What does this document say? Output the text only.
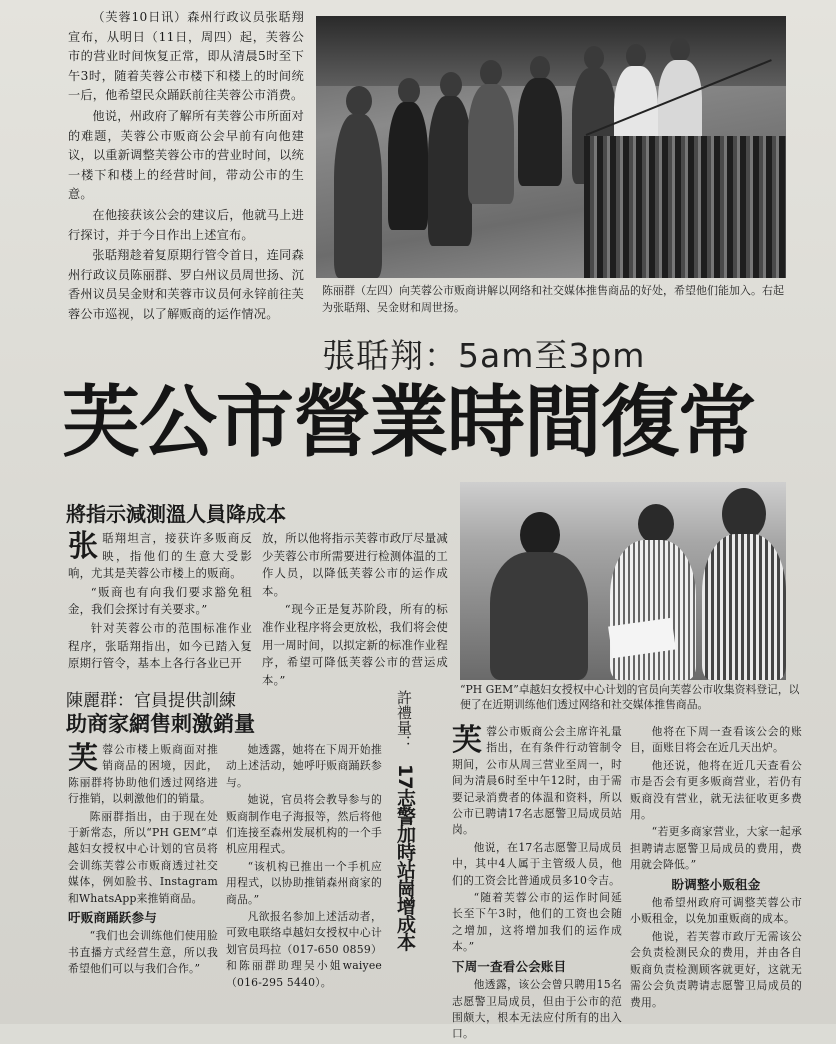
（芙蓉10日讯）森州行政议员张聒翔宣布，从明日（11日，周四）起，芙蓉公市的营业时间恢复正常，即从清晨5时至下午3时，随着芙蓉公市楼下和楼上的时间统一后，他希望民众踊跃前往芙蓉公市消费。

他说，州政府了解所有芙蓉公市所面对的难题，芙蓉公市贩商公会早前有向他建议，以重新调整芙蓉公市的营业时间，以统一楼下和楼上的经营时间，带动公市的生意。

在他接获该公会的建议后，他就马上进行探讨，并于今日作出上述宣布。

张聒翔趁着复原期行管令首日，连同森州行政议员陈丽群、罗白州议员周世扬、沉香州议员吴金财和芙蓉市议员何永锌前往芙蓉公市巡视，以了解贩商的运作情况。

陈丽群（左四）向芙蓉公市贩商讲解以网络和社交媒体推售商品的好处，希望他们能加入。右起为张聒翔、吴金财和周世扬。
張聒翔：5am至3pm
芙公市營業時間復常
將指示減測溫人員降成本

张聒翔坦言，接获许多贩商反映，指他们的生意大受影响，尤其是芙蓉公市楼上的贩商。

“贩商也有向我们要求豁免租金，我们会探讨有关要求。”

针对芙蓉公市的范围标准作业程序，张聒翔指出，如今已踏入复原期行管令，基本上各行各业已开

放，所以他将指示芙蓉市政厅尽量减少芙蓉公市所需要进行检测体温的工作人员，以降低芙蓉公市的运作成本。

“现今正是复苏阶段，所有的标准作业程序将会更放松，我们将会使用一周时间，以拟定新的标准作业程序，希望可降低芙蓉公市的营运成本。”

“PH GEM”卓越妇女授权中心计划的官员向芙蓉公市收集资料登记，以便了在近期训练他们透过网络和社交媒体推售商品。
陳麗群：官員提供訓練
助商家網售刺激銷量

芙蓉公市楼上贩商面对推销商品的困境，因此，陈丽群将协助他们透过网络进行推销，以刺激他们的销量。

陈丽群指出，由于现在处于新常态，所以“PH GEM”卓越妇女授权中心计划的官员将会训练芙蓉公市贩商透过社交媒体，例如脸书、Instagram和WhatsApp来推销商品。

吁贩商踊跃参与

“我们也会训练他们使用脸书直播方式经营生意，所以我希望他们可以与我们合作。”

她透露，她将在下周开始推动上述活动，她呼吁贩商踊跃参与。

她说，官员将会教导参与的贩商制作电子海报等，然后将他们连接至森州发展机构的一个手机应用程式。

“该机构已推出一个手机应用程式，以协助推销森州商家的商品。”

凡欲报名参加上述活动者，可致电联络卓越妇女授权中心计划官员玛拉（017-650 0859）和陈丽群助理吴小姐waiyee（016-295 5440）。

許禮量：
17志警加時站崗增成本

芙蓉公市贩商公会主席许礼量指出，在有条件行动管制令期间，公市从周三营业至周一，时间为清晨6时至中午12时，由于需要记录消费者的体温和资料，所以公市已聘请17名志愿警卫局成员站岗。

他说，在17名志愿警卫局成员中，其中4人属于主管级人员，他们的工资会比普通成员多10令吉。

“随着芙蓉公市的运作时间延长至下午3时，他们的工资也会随之增加，这将增加我们的运作成本。”

下周一查看公会账目

他透露，该公会曾只聘用15名志愿警卫局成员，但由于公市的范围颇大，根本无法应付所有的出入口。

他将在下周一查看该公会的账目，面账目将会在近几天出炉。

他还说，他将在近几天查看公市是否会有更多贩商营业，若仍有贩商没有营业，就无法征收更多费用。

“若更多商家营业，大家一起承担聘请志愿警卫局成员的费用，费用就会降低。”

盼调整小贩租金

他希望州政府可调整芙蓉公市小贩租金，以免加重贩商的成本。

他说，若芙蓉市政厅无需该公会负责检测民众的费用，并由各自贩商负责检测顾客就更好，这就无需公会负责聘请志愿警卫局成员的费用。
